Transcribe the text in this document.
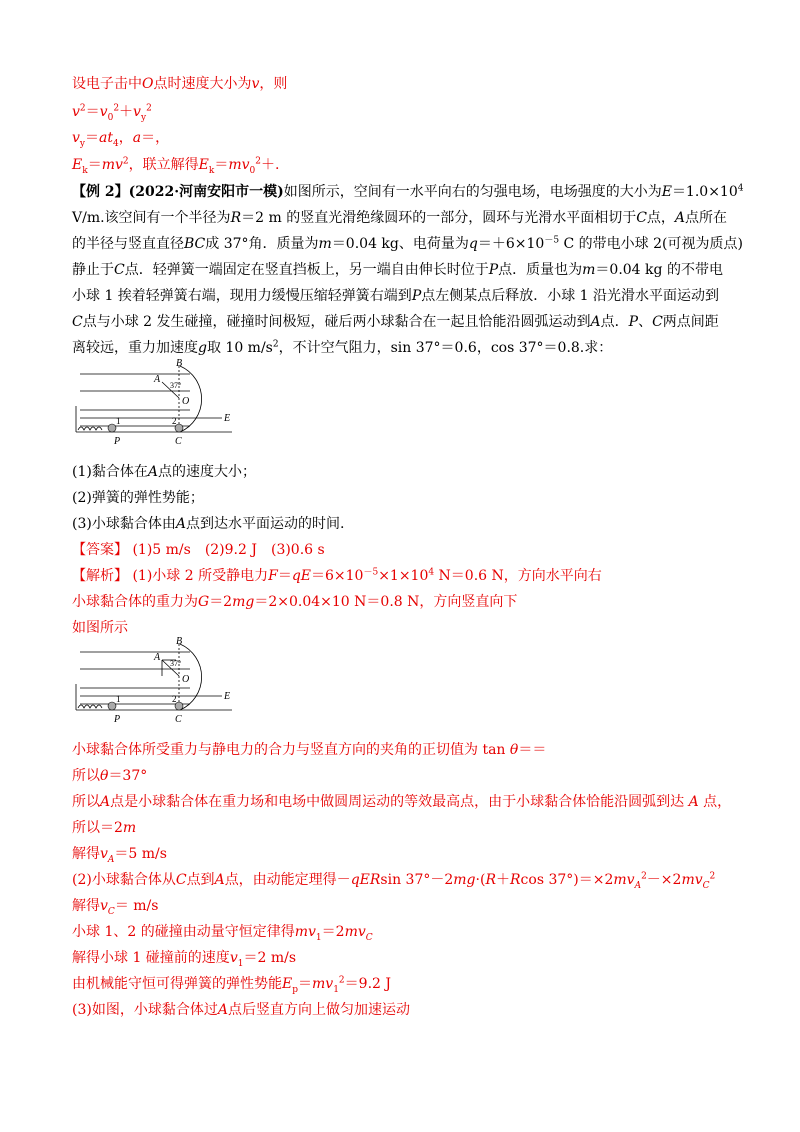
设电子击中O点时速度大小为v，则
$v^2=v_0^2+v_y^2$
$v_y=at_4$，a＝，
$E_k=mv^2$，联立解得$E_k=mv_0^2+$.
【例 2】(2022·河南安阳市一模)如图所示，空间有一水平向右的匀强电场，电场强度的大小为$E=1.0\times 10^4$
V/m.该空间有一个半径为R＝2 m 的竖直光滑绝缘圆环的一部分，圆环与光滑水平面相切于C点，A点所在
的半径与竖直直径BC成 37°角．质量为m＝0.04 kg、电荷量为$q=+6\times 10^{-5}$ C 的带电小球 2(可视为质点)
静止于C点．轻弹簧一端固定在竖直挡板上，另一端自由伸长时位于P点．质量也为m＝0.04 kg 的不带电
小球 1 挨着轻弹簧右端，现用力缓慢压缩轻弹簧右端到P点左侧某点后释放．小球 1 沿光滑水平面运动到
C点与小球 2 发生碰撞，碰撞时间极短，碰后两小球黏合在一起且恰能沿圆弧运动到A点．P、C两点间距
离较远，重力加速度g取 10 $m/s^2$，不计空气阻力，sin 37°＝0.6，cos 37°＝0.8.求：
B
A
37°
O
E
1	2
P	C
(1)黏合体在A点的速度大小；
(2)弹簧的弹性势能；
(3)小球黏合体由A点到达水平面运动的时间.
【答案】 (1)5 m/s　(2)9.2 J　(3)0.6 s
【解析】 (1)小球 2 所受静电力$F=qE=6\times 10^{-5}\times 1\times 10^4$ N＝0.6 N，方向水平向右
小球黏合体的重力为G＝2mg＝2×0.04×10 N＝0.8 N，方向竖直向下
如图所示
B
A
37°
O
E
1	2
P	C
小球黏合体所受重力与静电力的合力与竖直方向的夹角的正切值为 tan θ＝＝
所以θ＝37°
所以A点是小球黏合体在重力场和电场中做圆周运动的等效最高点，由于小球黏合体恰能沿圆弧到达 A 点，
所以＝2m
解得$v_A=5$ m/s
(2)小球黏合体从C点到A点，由动能定理得－qERsin 37°－2mg·(R＋Rcos $37^\circ)=\times 2mv_A^2-\times 2mv_C^2$
解得$v_C= m/s$
小球 1、2 的碰撞由动量守恒定律得$mv_1=2mv_C$
解得小球 1 碰撞前的速度$v_1=2$ m/s
由机械能守恒可得弹簧的弹性势能$E_p=mv_1^2=9.2$ J
(3)如图，小球黏合体过A点后竖直方向上做匀加速运动
